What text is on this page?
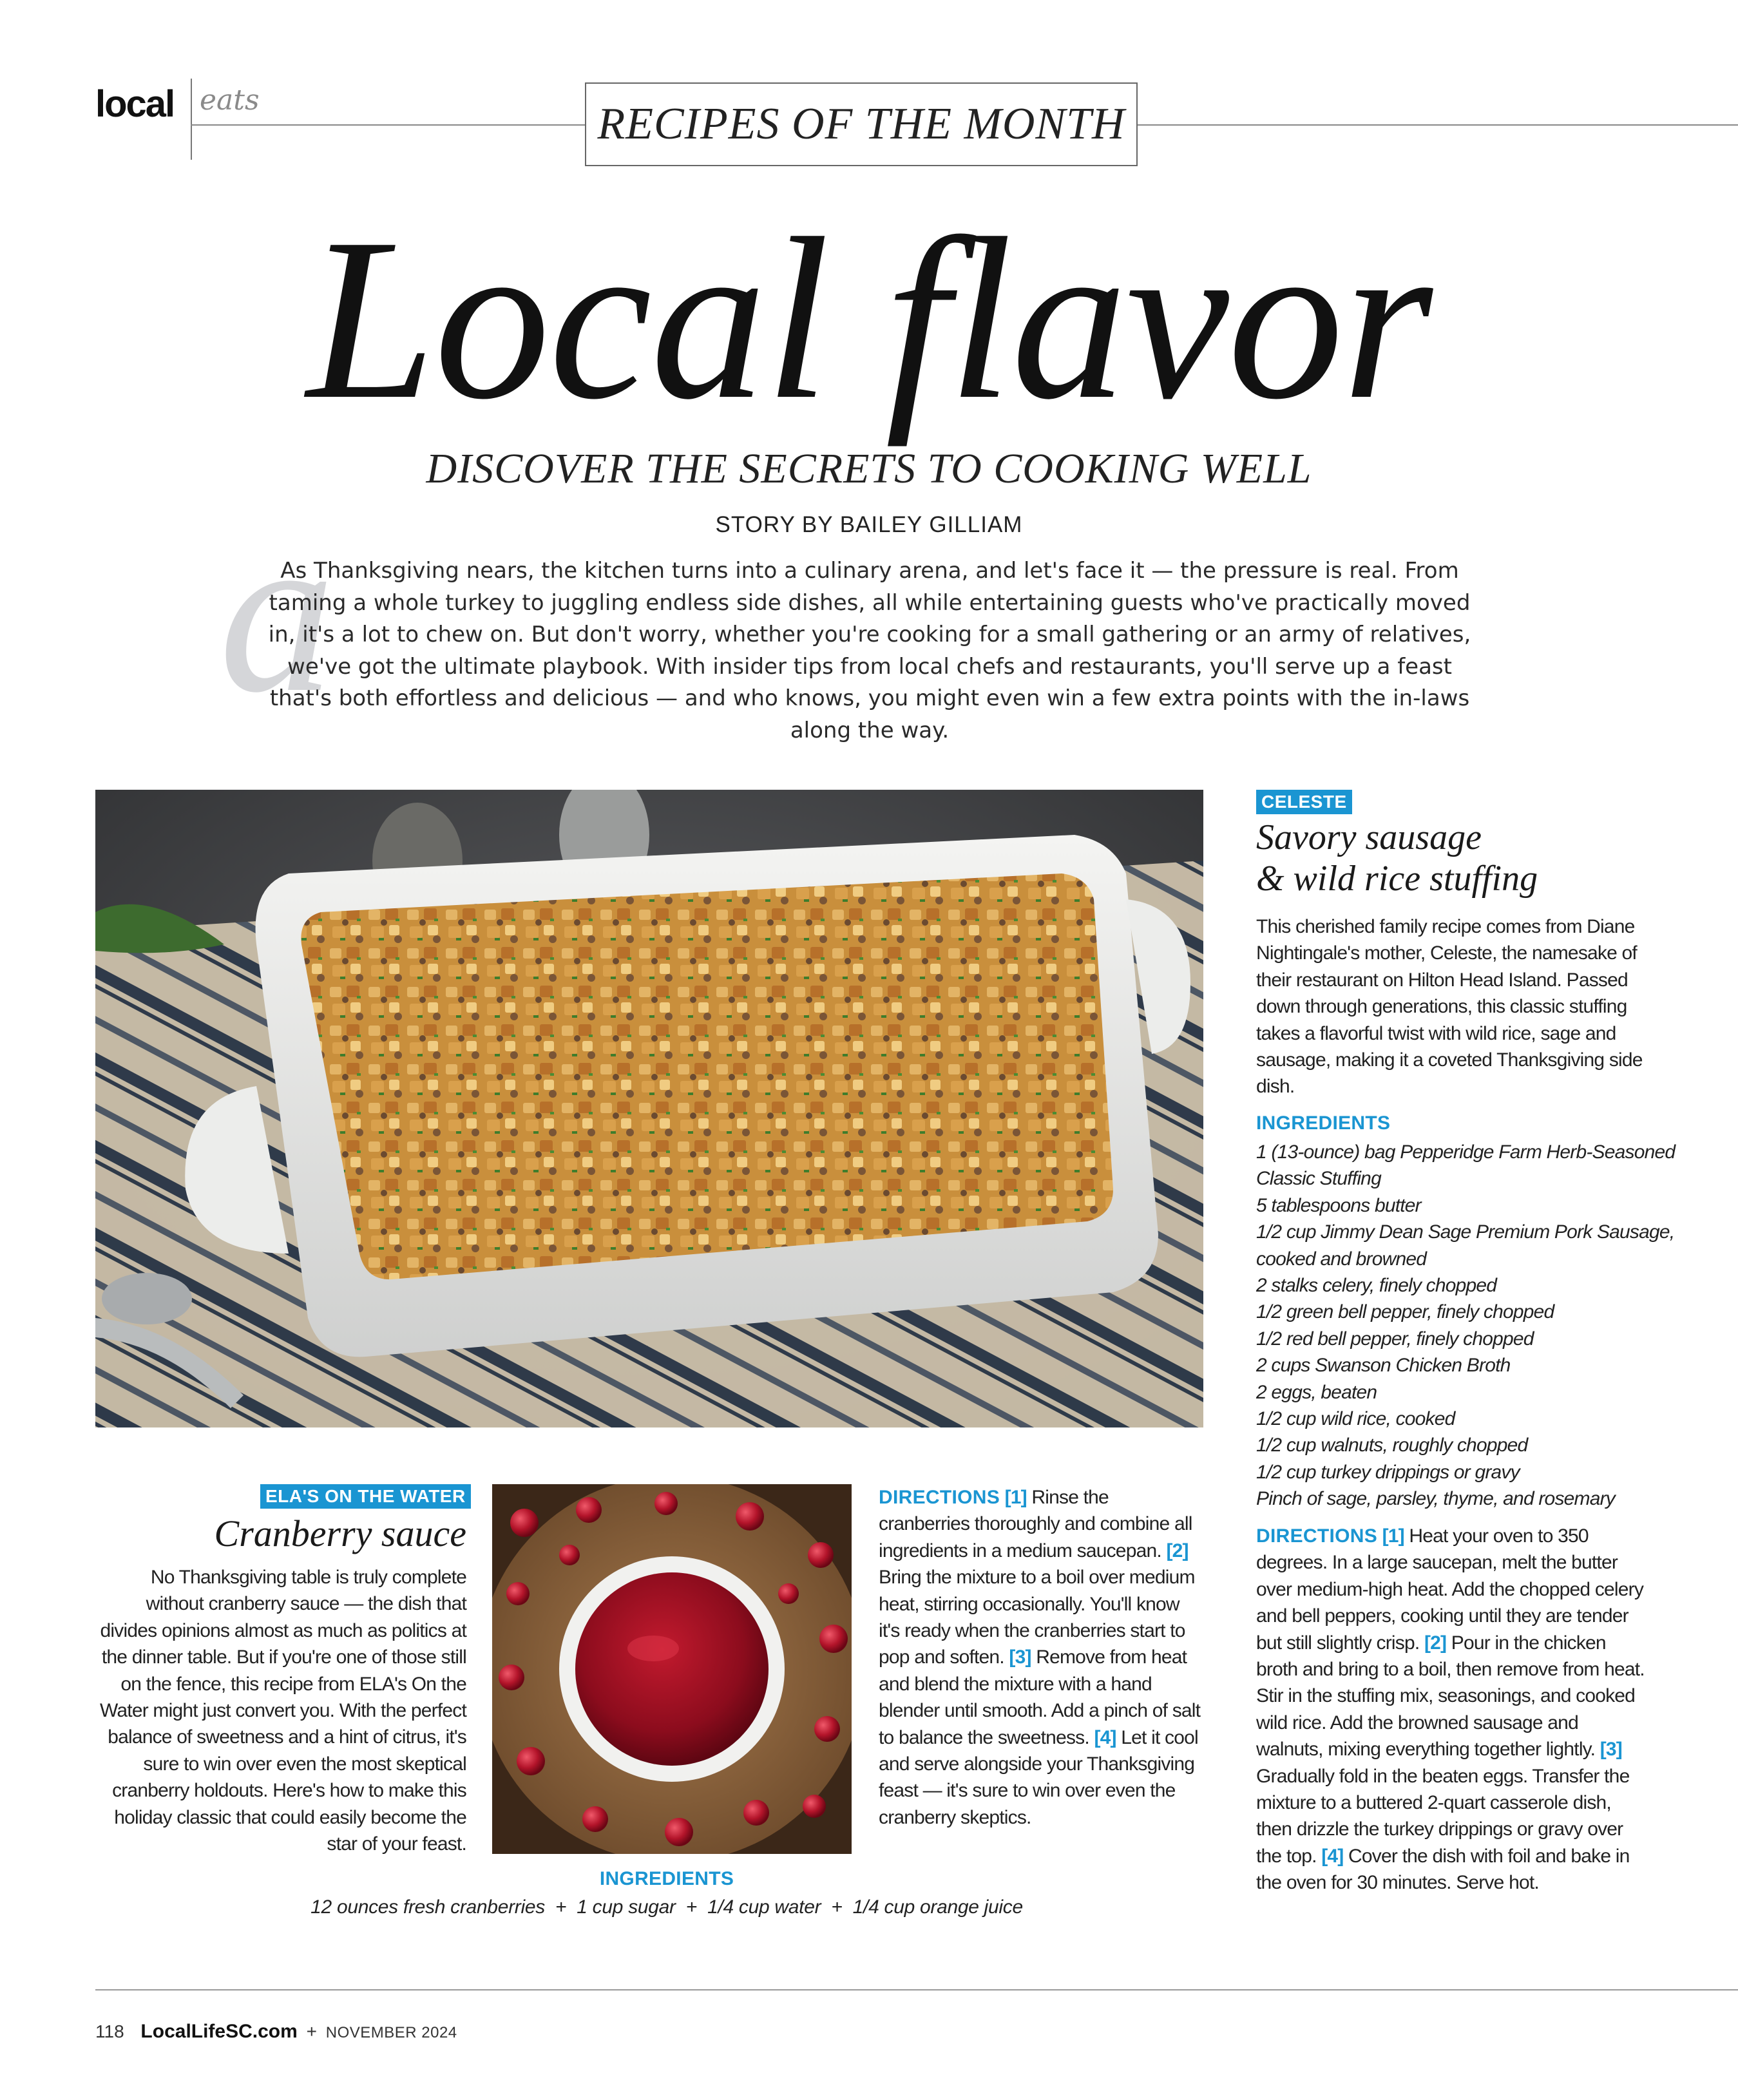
local eats	RECIPES OF THE MONTH
Local flavor
DISCOVER THE SECRETS TO COOKING WELL
STORY BY BAILEY GILLIAM
a

As Thanksgiving nears, the kitchen turns into a culinary arena, and let's face it — the pressure is real. From taming a whole turkey to juggling endless side dishes, all while entertaining guests who've practically moved in, it's a lot to chew on. But don't worry, whether you're cooking for a small gathering or an army of relatives, we've got the ultimate playbook. With insider tips from local chefs and restaurants, you'll serve up a feast that's both effortless and delicious — and who knows, you might even win a few extra points with the in-laws along the way.

CELESTE
Savory sausage
& wild rice stuffing

This cherished family recipe comes from Diane Nightingale's mother, Celeste, the namesake of their restaurant on Hilton Head Island. Passed down through generations, this classic stuffing takes a flavorful twist with wild rice, sage and sausage, making it a coveted Thanksgiving side dish.

INGREDIENTS
1 (13-ounce) bag Pepperidge Farm Herb-Seasoned Classic Stuffing
5 tablespoons butter
1/2 cup Jimmy Dean Sage Premium Pork Sausage, cooked and browned
2 stalks celery, finely chopped
1/2 green bell pepper, finely chopped
1/2 red bell pepper, finely chopped
2 cups Swanson Chicken Broth
2 eggs, beaten
1/2 cup wild rice, cooked
1/2 cup walnuts, roughly chopped
1/2 cup turkey drippings or gravy
Pinch of sage, parsley, thyme, and rosemary

DIRECTIONS [1] Heat your oven to 350 degrees. In a large saucepan, melt the butter over medium-high heat. Add the chopped celery and bell peppers, cooking until they are tender but still slightly crisp. [2] Pour in the chicken broth and bring to a boil, then remove from heat. Stir in the stuffing mix, seasonings, and cooked wild rice. Add the browned sausage and walnuts, mixing everything together lightly. [3] Gradually fold in the beaten eggs. Transfer the mixture to a buttered 2-quart casserole dish, then drizzle the turkey drippings or gravy over the top. [4] Cover the dish with foil and bake in the oven for 30 minutes. Serve hot.

ELA'S ON THE WATER
Cranberry sauce

No Thanksgiving table is truly complete without cranberry sauce — the dish that divides opinions almost as much as politics at the dinner table. But if you're one of those still on the fence, this recipe from ELA's On the Water might just convert you. With the perfect balance of sweetness and a hint of citrus, it's sure to win over even the most skeptical cranberry holdouts. Here's how to make this holiday classic that could easily become the star of your feast.

DIRECTIONS [1] Rinse the cranberries thoroughly and combine all ingredients in a medium saucepan. [2] Bring the mixture to a boil over medium heat, stirring occasionally. You'll know it's ready when the cranberries start to pop and soften. [3] Remove from heat and blend the mixture with a hand blender until smooth. Add a pinch of salt to balance the sweetness. [4] Let it cool and serve alongside your Thanksgiving feast — it's sure to win over even the cranberry skeptics.

INGREDIENTS
12 ounces fresh cranberries  +  1 cup sugar  +  1/4 cup water  +  1/4 cup orange juice
118 LocalLifeSC.com + NOVEMBER 2024
